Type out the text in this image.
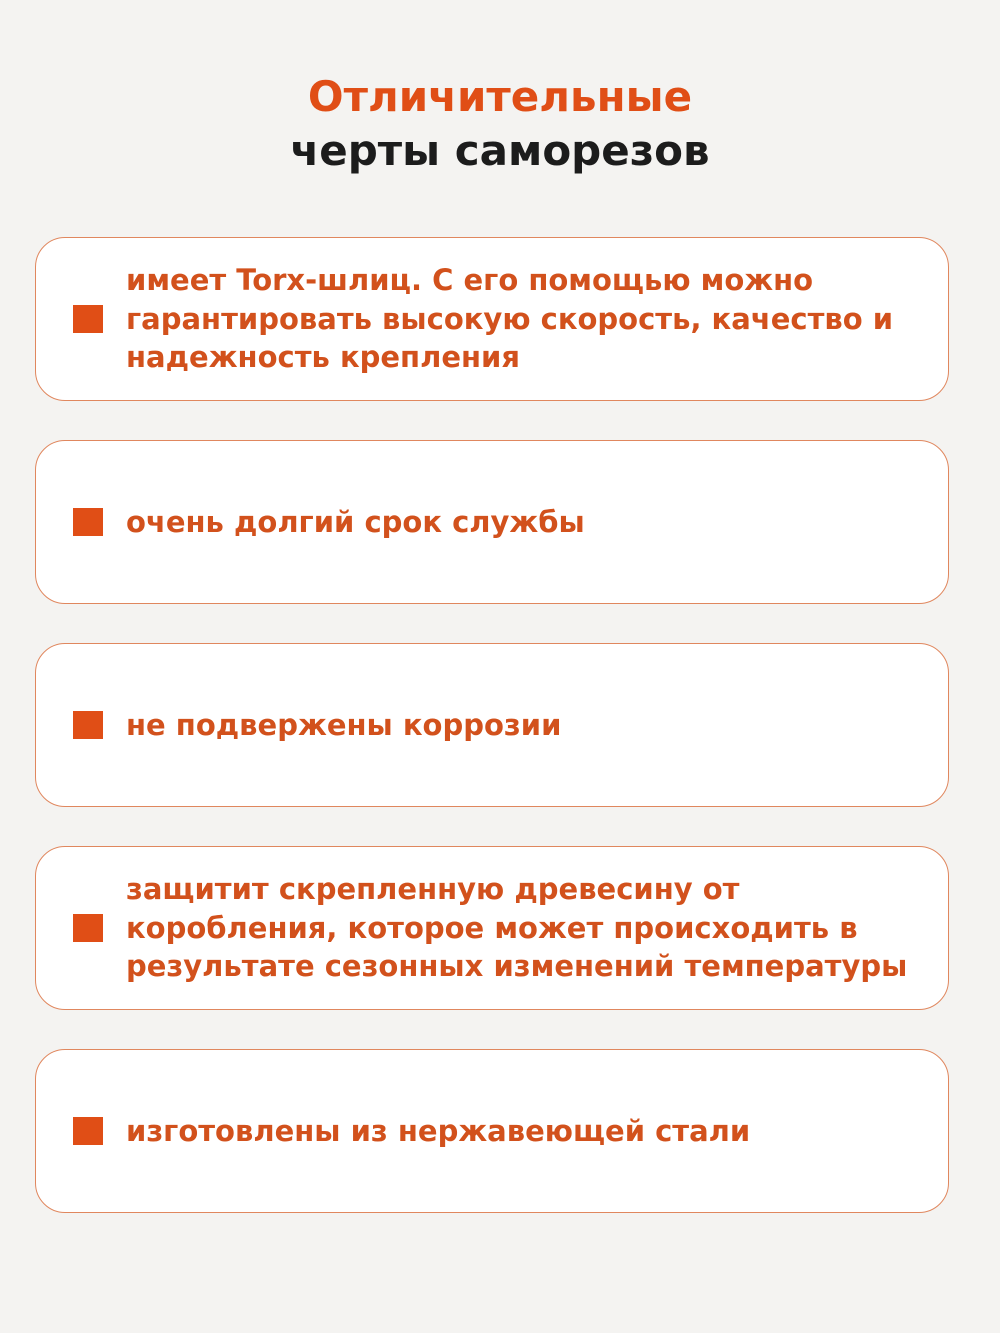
Отличительные
черты саморезов
имеет Torx-шлиц. С его помощью можно гарантировать высокую скорость, качество и надежность крепления
очень долгий срок службы
не подвержены коррозии
защитит скрепленную древесину от коробления, которое может происходить в результате сезонных изменений температуры
изготовлены из нержавеющей стали
